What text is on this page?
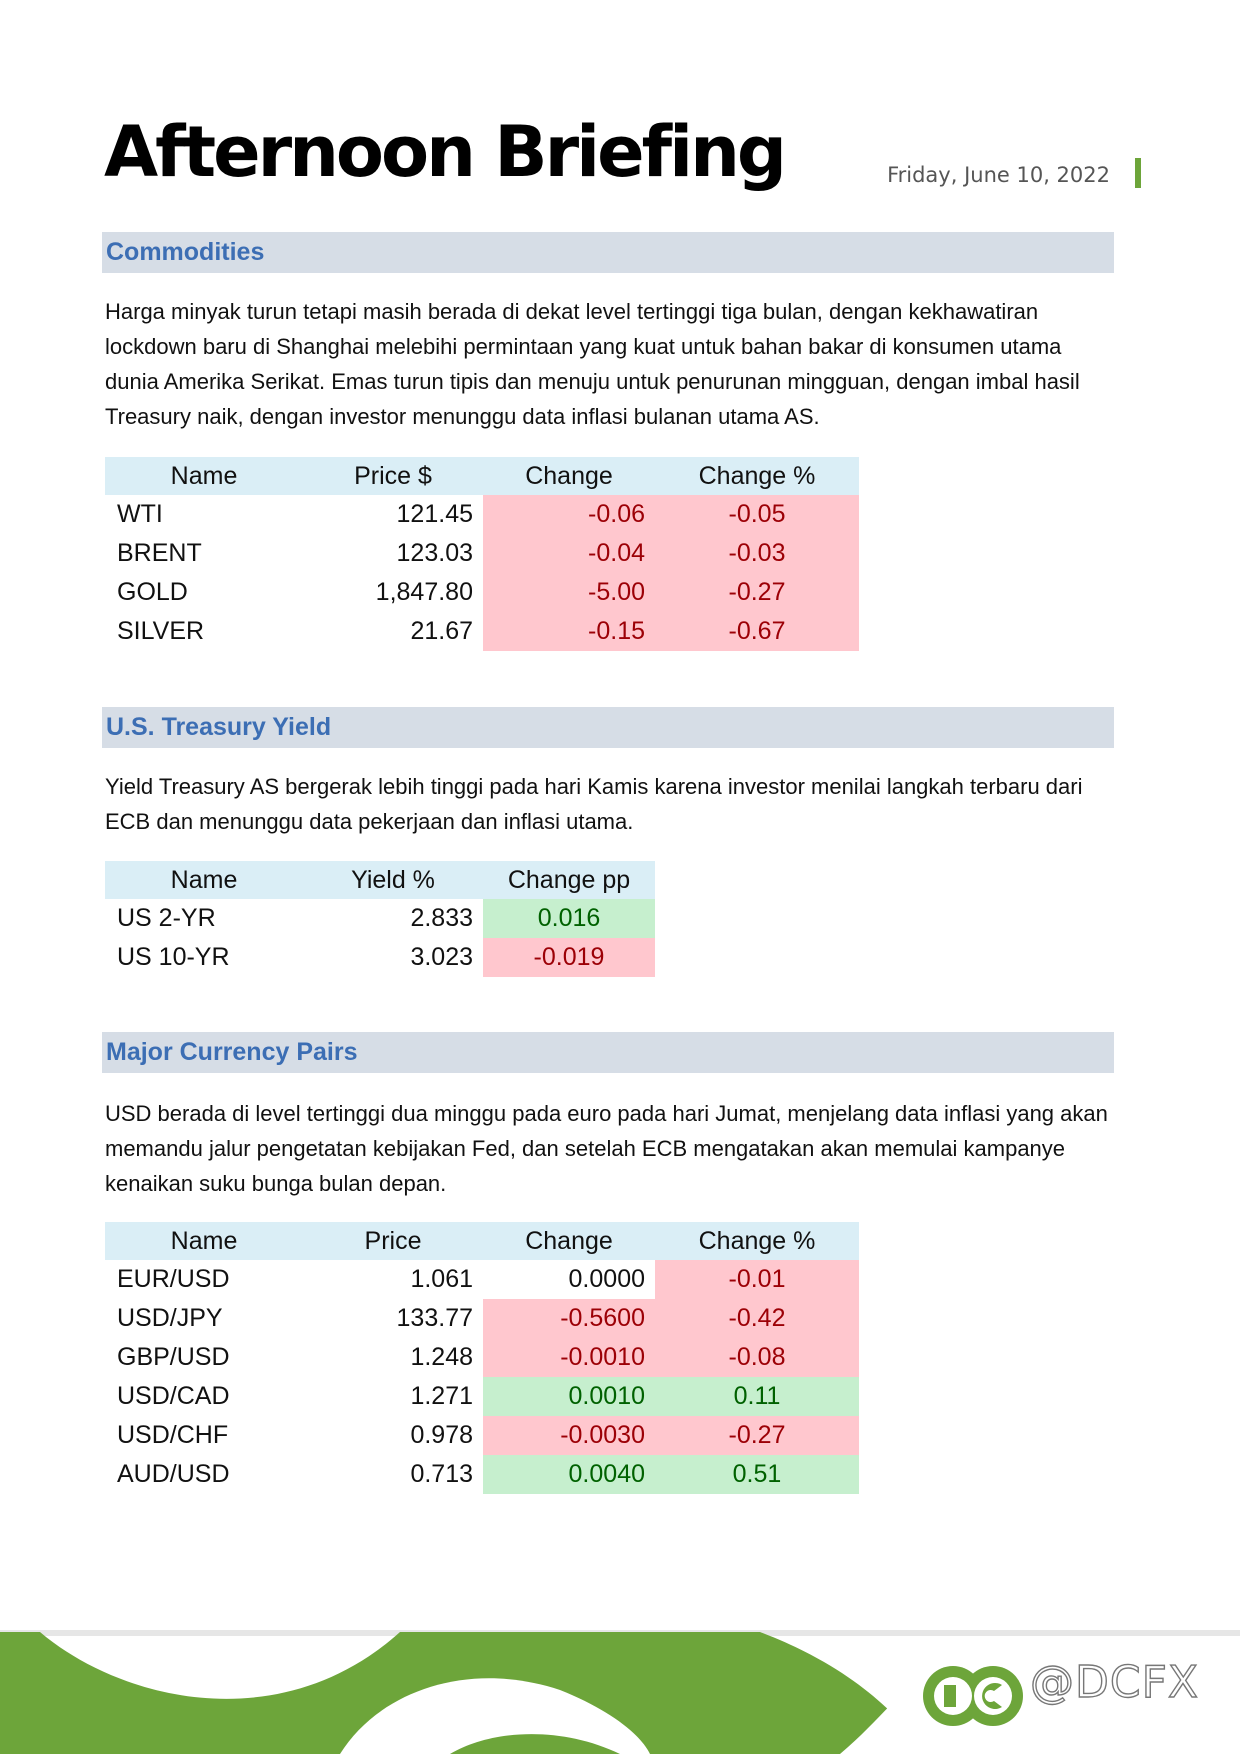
Afternoon Briefing	Friday, June 10, 2022
Commodities

Harga minyak turun tetapi masih berada di dekat level tertinggi tiga bulan, dengan kekhawatiran lockdown baru di Shanghai melebihi permintaan yang kuat untuk bahan bakar di konsumen utama dunia Amerika Serikat. Emas turun tipis dan menuju untuk penurunan mingguan, dengan imbal hasil Treasury naik, dengan investor menunggu data inflasi bulanan utama AS.

Name	Price $	Change	Change %
WTI	121.45	-0.06	-0.05
BRENT	123.03	-0.04	-0.03
GOLD	1,847.80	-5.00	-0.27
SILVER	21.67	-0.15	-0.67
U.S. Treasury Yield

Yield Treasury AS bergerak lebih tinggi pada hari Kamis karena investor menilai langkah terbaru dari ECB dan menunggu data pekerjaan dan inflasi utama.

Name	Yield %	Change pp
US 2-YR	2.833	0.016
US 10-YR	3.023	-0.019
Major Currency Pairs

USD berada di level tertinggi dua minggu pada euro pada hari Jumat, menjelang data inflasi yang akan memandu jalur pengetatan kebijakan Fed, dan setelah ECB mengatakan akan memulai kampanye kenaikan suku bunga bulan depan.

Name	Price	Change	Change %
EUR/USD	1.061	0.0000	-0.01
USD/JPY	133.77	-0.5600	-0.42
GBP/USD	1.248	-0.0010	-0.08
USD/CAD	1.271	0.0010	0.11
USD/CHF	0.978	-0.0030	-0.27
AUD/USD	0.713	0.0040	0.51
@DCFX
